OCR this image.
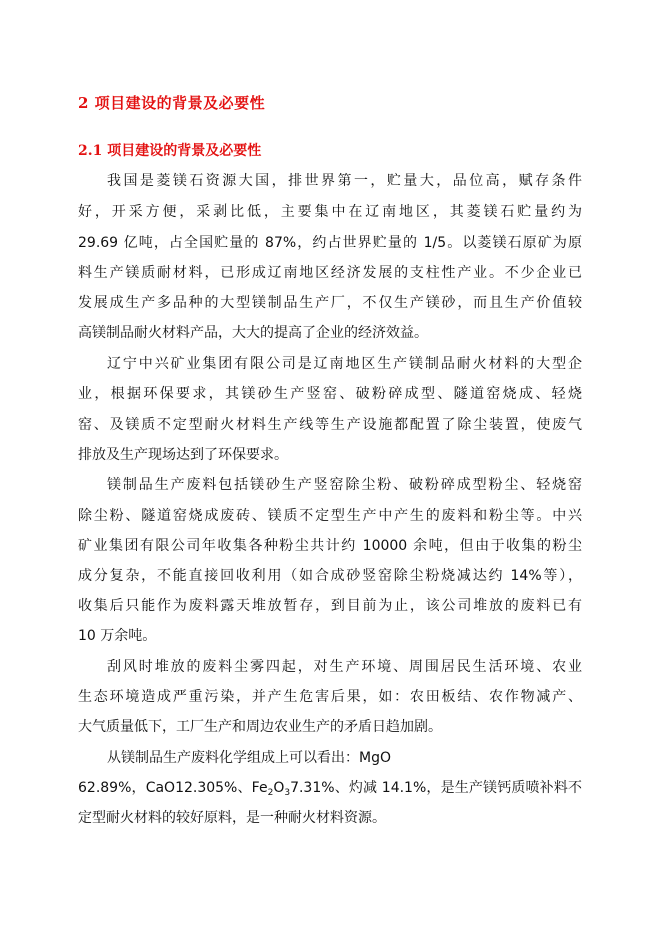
2 项目建设的背景及必要性
2.1 项目建设的背景及必要性
我国是菱镁石资源大国，排世界第一，贮量大，品位高，赋存条件
好，开采方便，采剥比低，主要集中在辽南地区，其菱镁石贮量约为
29.69 亿吨，占全国贮量的 87%，约占世界贮量的 1/5。以菱镁石原矿为原
料生产镁质耐材料，已形成辽南地区经济发展的支柱性产业。不少企业已
发展成生产多品种的大型镁制品生产厂，不仅生产镁砂，而且生产价值较
高镁制品耐火材料产品，大大的提高了企业的经济效益。
辽宁中兴矿业集团有限公司是辽南地区生产镁制品耐火材料的大型企
业，根据环保要求，其镁砂生产竖窑、破粉碎成型、隧道窑烧成、轻烧
窑、及镁质不定型耐火材料生产线等生产设施都配置了除尘装置，使废气
排放及生产现场达到了环保要求。
镁制品生产废料包括镁砂生产竖窑除尘粉、破粉碎成型粉尘、轻烧窑
除尘粉、隧道窑烧成废砖、镁质不定型生产中产生的废料和粉尘等。中兴
矿业集团有限公司年收集各种粉尘共计约 10000 余吨，但由于收集的粉尘
成分复杂，不能直接回收利用（如合成砂竖窑除尘粉烧减达约 14%等），
收集后只能作为废料露天堆放暂存，到目前为止，该公司堆放的废料已有
10 万余吨。
刮风时堆放的废料尘雾四起，对生产环境、周围居民生活环境、农业
生态环境造成严重污染，并产生危害后果，如：农田板结、农作物减产、
大气质量低下，工厂生产和周边农业生产的矛盾日趋加剧。
从镁制品生产废料化学组成上可以看出：MgO
62.89%，CaO12.305%、$Fe_2O_37.31\%$、灼减 14.1%，是生产镁钙质喷补料不
定型耐火材料的较好原料，是一种耐火材料资源。
